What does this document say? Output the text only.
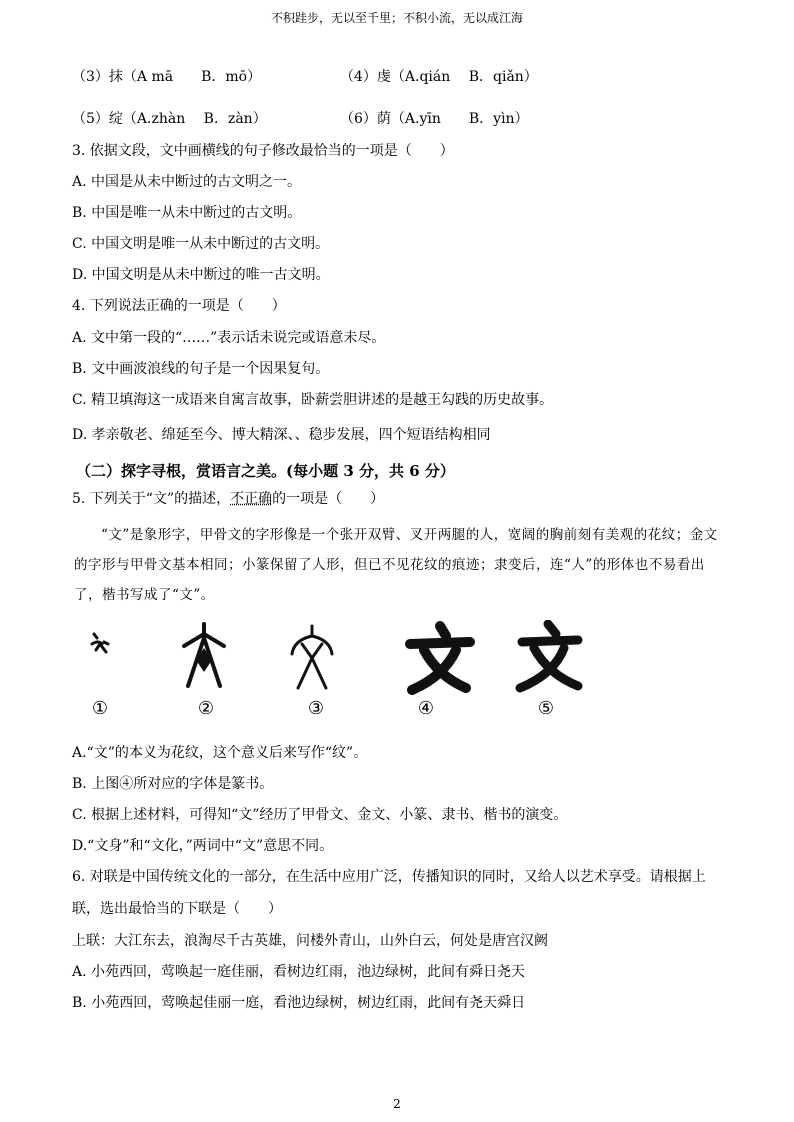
不积跬步，无以至千里；不积小流，无以成江海
（3）抹（A mā　　B．mō）	（4）虔（A.qián　 B．qiǎn）
（5）绽（A.zhàn　 B．zàn）	（6）荫（A.yīn　　B．yìn）
3. 依据文段，文中画横线的句子修改最恰当的一项是（　　）
A. 中国是从未中断过的古文明之一。
B. 中国是唯一从未中断过的古文明。
C. 中国文明是唯一从未中断过的古文明。
D. 中国文明是从未中断过的唯一古文明。
4. 下列说法正确的一项是（　　）
A. 文中第一段的“……”表示话未说完或语意未尽。
B. 文中画波浪线的句子是一个因果复句。
C. 精卫填海这一成语来自寓言故事，卧薪尝胆讲述的是越王勾践的历史故事。
D. 孝亲敬老、绵延至今、博大精深、、稳步发展，四个短语结构相同
（二）探字寻根，赏语言之美。(每小题 3 分，共 6 分）
5. 下列关于“文”的描述，不正确的一项是（　　）
“文”是象形字，甲骨文的字形像是一个张开双臂、叉开两腿的人，宽阔的胸前刻有美观的花纹；金文的字形与甲骨文基本相同；小篆保留了人形，但已不见花纹的痕迹；隶变后，连“人”的形体也不易看出了，楷书写成了“文”。
①	②	③	④	⑤
A.“文”的本义为花纹，这个意义后来写作“纹”。
B. 上图④所对应的字体是篆书。
C. 根据上述材料，可得知“文”经历了甲骨文、金文、小篆、隶书、楷书的演变。
D.“文身”和“文化，”两词中“文”意思不同。
6. 对联是中国传统文化的一部分，在生活中应用广泛，传播知识的同时，又给人以艺术享受。请根据上
联，选出最恰当的下联是（　　）
上联：大江东去，浪淘尽千古英雄，问楼外青山，山外白云，何处是唐宫汉阙
A. 小苑西回，莺唤起一庭佳丽，看树边红雨，池边绿树，此间有舜日尧天
B. 小苑西回，莺唤起佳丽一庭，看池边绿树，树边红雨，此间有尧天舜日
2
